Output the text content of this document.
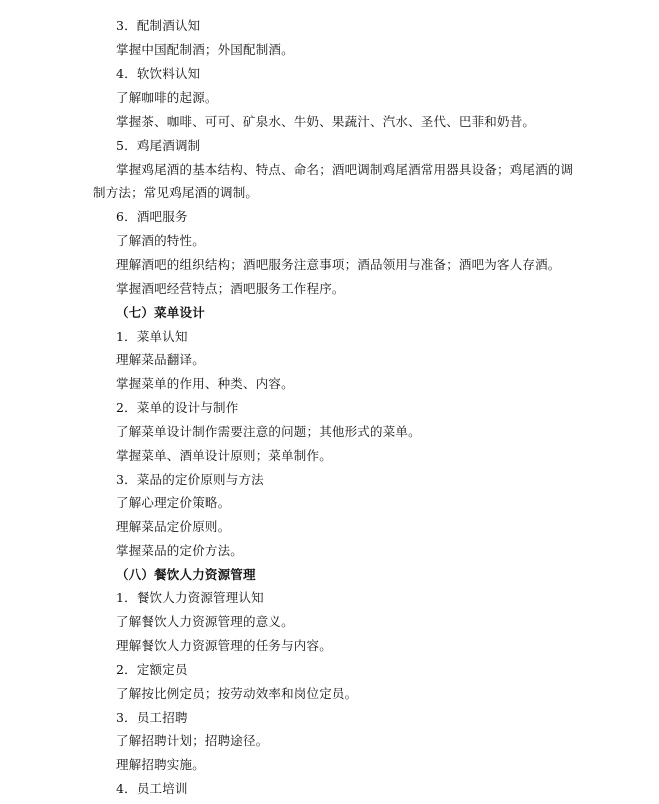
3．配制酒认知
掌握中国配制酒；外国配制酒。
4．软饮料认知
了解咖啡的起源。
掌握茶、咖啡、可可、矿泉水、牛奶、果蔬汁、汽水、圣代、巴菲和奶昔。
5．鸡尾酒调制
掌握鸡尾酒的基本结构、特点、命名；酒吧调制鸡尾酒常用器具设备；鸡尾酒的调
制方法；常见鸡尾酒的调制。
6．酒吧服务
了解酒的特性。
理解酒吧的组织结构；酒吧服务注意事项；酒品领用与准备；酒吧为客人存酒。
掌握酒吧经营特点；酒吧服务工作程序。
（七）菜单设计
1．菜单认知
理解菜品翻译。
掌握菜单的作用、种类、内容。
2．菜单的设计与制作
了解菜单设计制作需要注意的问题；其他形式的菜单。
掌握菜单、酒单设计原则；菜单制作。
3．菜品的定价原则与方法
了解心理定价策略。
理解菜品定价原则。
掌握菜品的定价方法。
（八）餐饮人力资源管理
1．餐饮人力资源管理认知
了解餐饮人力资源管理的意义。
理解餐饮人力资源管理的任务与内容。
2．定额定员
了解按比例定员；按劳动效率和岗位定员。
3．员工招聘
了解招聘计划；招聘途径。
理解招聘实施。
4．员工培训
